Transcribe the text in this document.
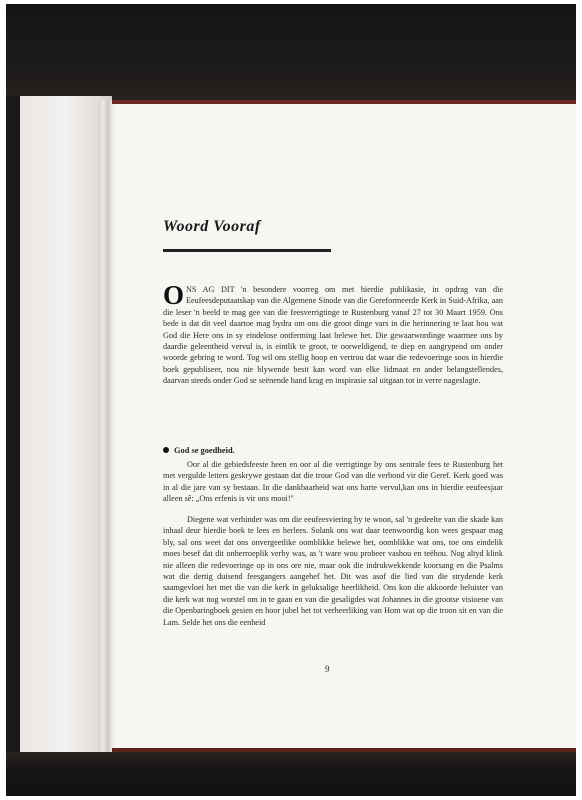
Woord Vooraf
ONS AG DIT 'n besondere voorreg om met hierdie publikasie, in opdrag van die Eeufeesdeputaatskap van die Algemene Sinode van die Gereformeerde Kerk in Suid-Afrika, aan die leser 'n beeld te mag gee van die feesverrigtinge te Rustenburg vanaf 27 tot 30 Maart 1959. Ons bede is dat dit veel daartoe mag bydra om ons die groot dinge vars in die herinnering te laat hou wat God die Here ons in sy eindelose ontferming laat belewe het. Die gewaarwordinge waarmee ons by daardie geleentheid vervul is, is eintlik te groot, te oorweldigend, te diep en aangrypend om onder woorde gebring te word. Tog wil ons stellig hoop en vertrou dat waar die redevoeringe soos in hierdie boek gepubliseer, nou nie blywende besit kan word van elke lidmaat en ander belangstellendes, daarvan steeds onder God se seënende hand krag en inspirasie sal uitgaan tot in verre nageslagte.
God se goedheid.
Oor al die gebiedsfeeste heen en oor al die verrigtinge by ons sentrale fees te Rustenburg het met vergulde letters geskrywe gestaan dat die troue God van die verbond vir die Geref. Kerk goed was in al die jare van sy bestaan. In die dankbaarheid wat ons harte vervul,kan ons in hierdie eeufeesjaar alleen sê: „Ons erfenis is vir ons mooi!"
Diegene wat verhinder was om die eeufeesviering by te woon, sal 'n gedeelte van die skade kan inhaal deur hierdie boek te lees en herlees. Solank ons wat daar teenwoordig kon wees gespaar mag bly, sal ons weet dat ons onvergeetlike oomblikke belewe het, oomblikke wat ons, toe ons eindelik moes besef dat dit onherroeplik verby was, as 't ware wou probeer vashou en teëhou. Nog altyd klink nie alleen die redevoeringe op in ons ore nie, maar ook die indrukwekkende koorsang en die Psalms wat die dertig duisend feesgangers aangehef het. Dit was asof die lied van die strydende kerk saamgevloei het met die van die kerk in geluksalige heerlikheid. Ons kon die akkoorde beluister van die kerk wat nog worstel om in te gaan en van die gesaligdes wat Johannes in die grootse visioene van die Openbaringboek gesien en hoor jubel het tot verheerliking van Hom wat op die troon sit en van die Lam. Selde het ons die eenheid
9
